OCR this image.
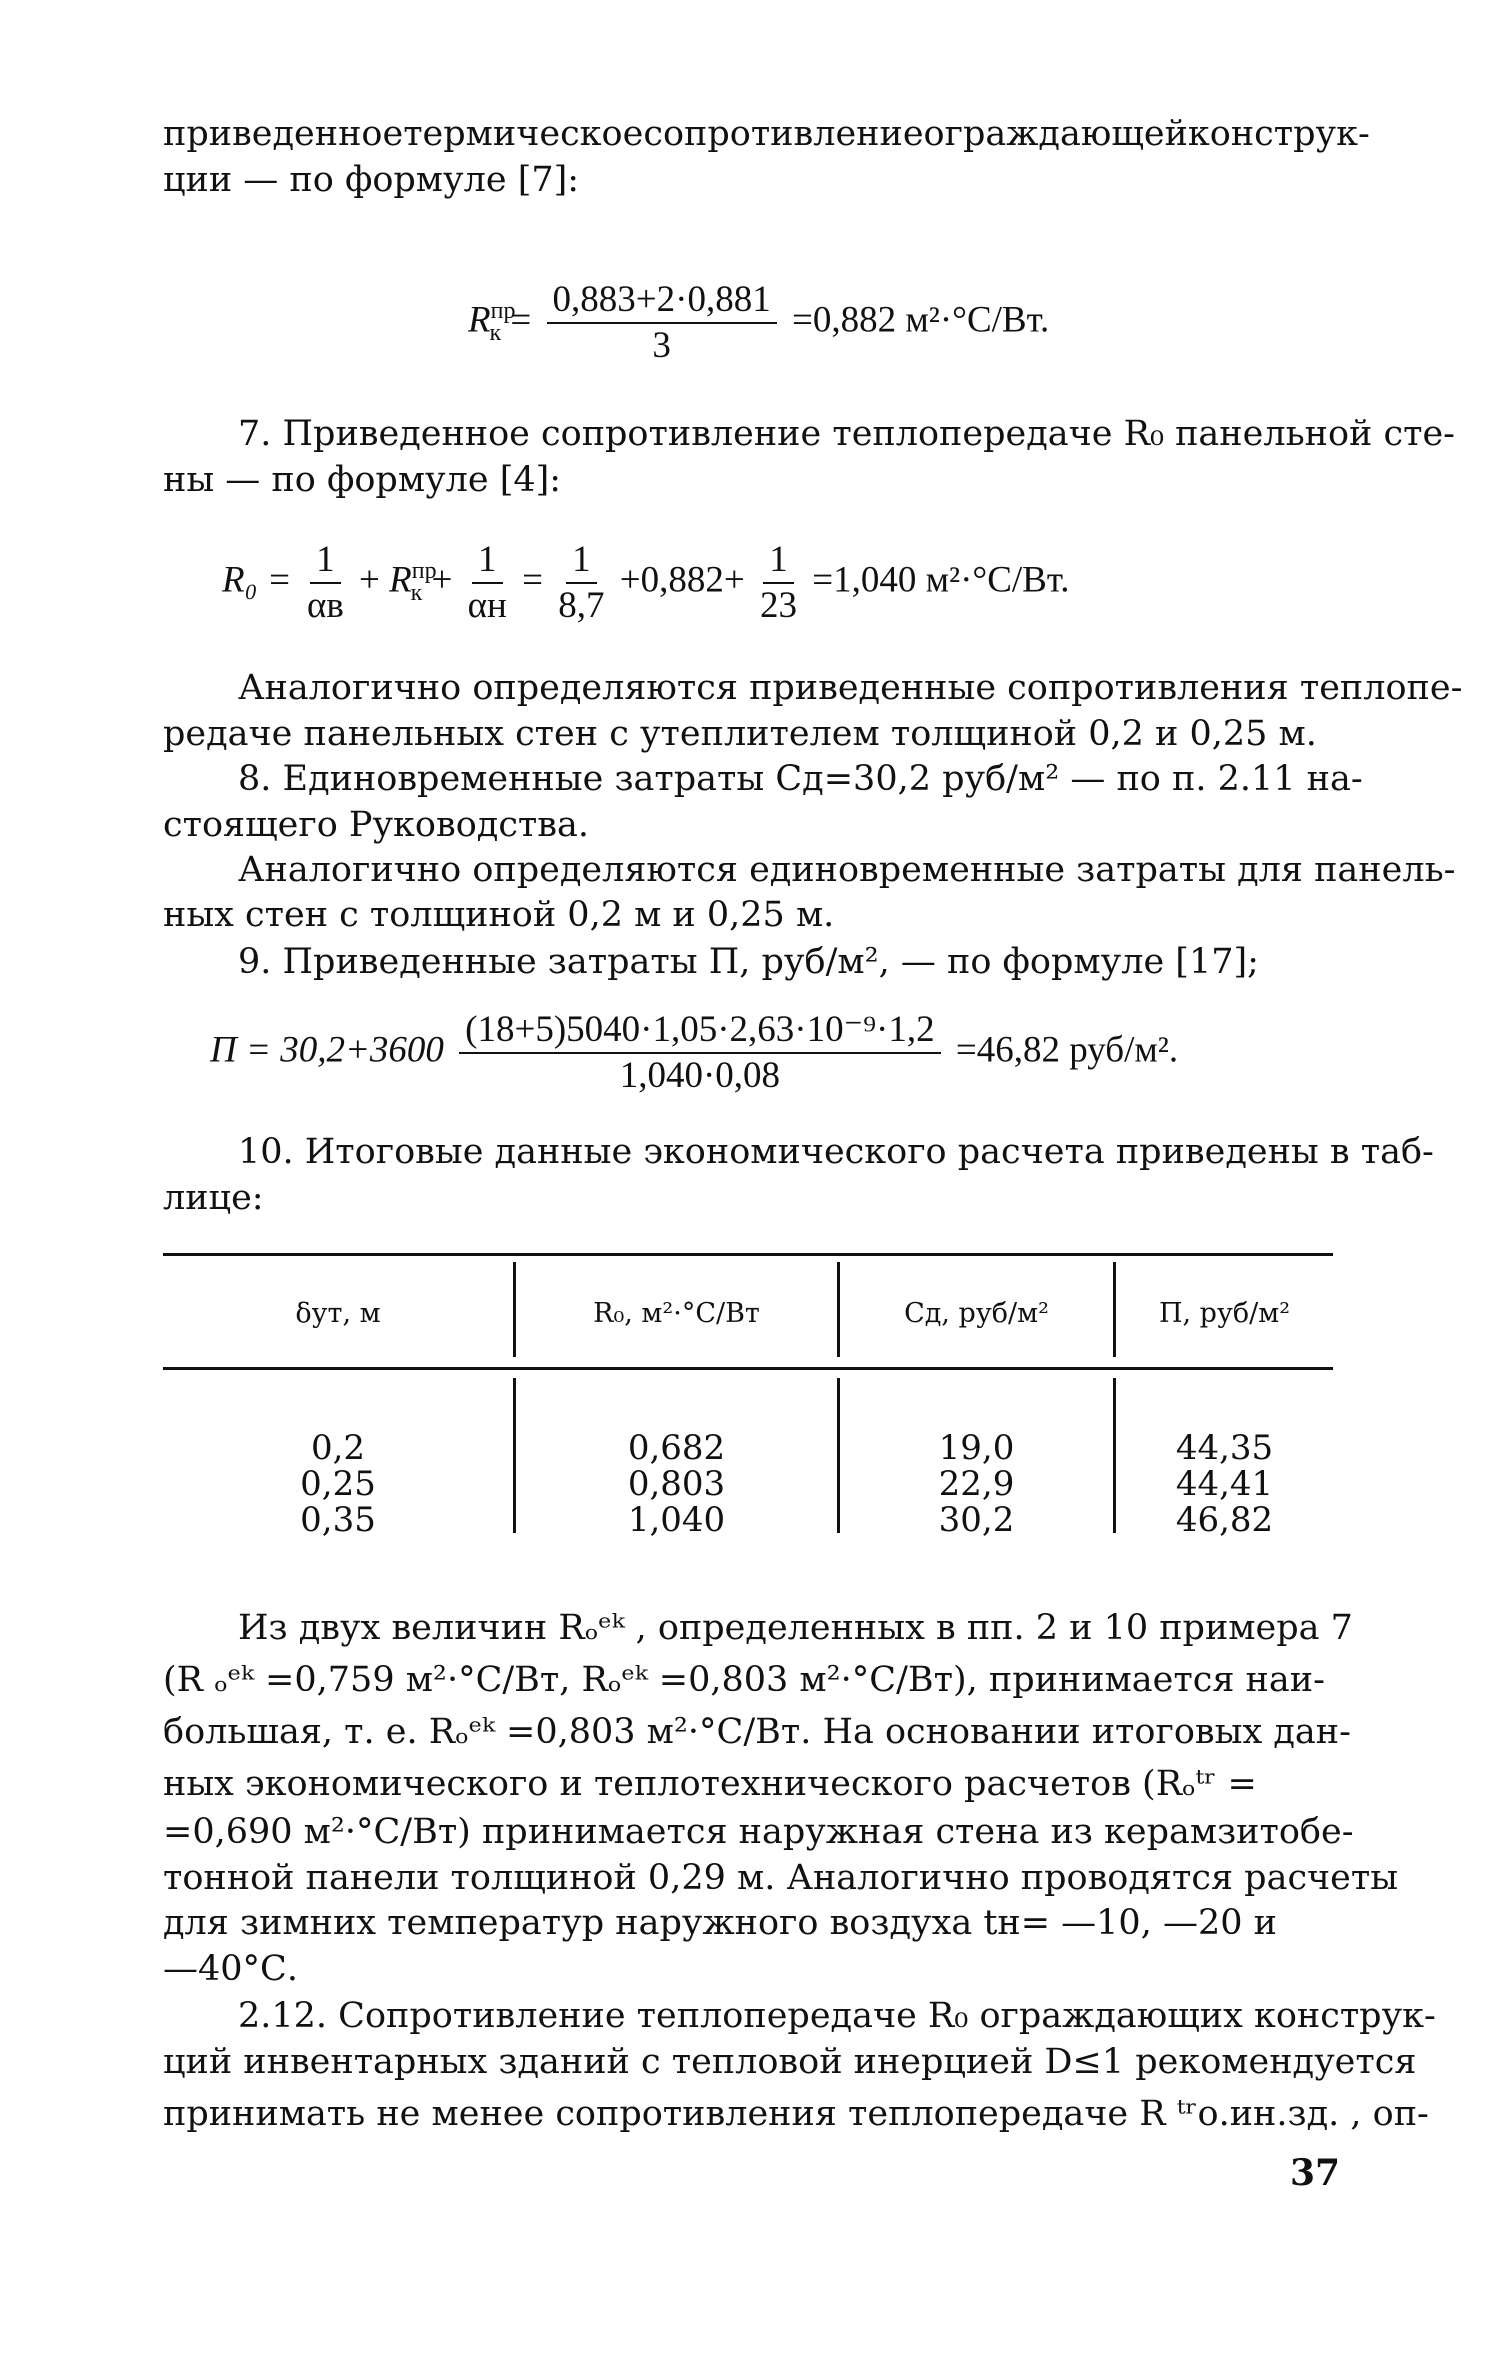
приведенное термическое сопротивление ограждающей конструк-
ции — по формуле [7]:
$R^{пр}_к = \frac{0,883+2\cdot 0,881}{3} =0,882$ м²·°С/Вт.
7. Приведенное сопротивление теплопередаче R₀ панельной сте-
ны — по формуле [4]:
$R_0 = \frac{1}{\alpha в} + R^{пр}_к + \frac{1}{\alpha н} = \frac{1}{8,7} +0,882+ \frac{1}{23} =1,040$ м²·°С/Вт.
Аналогично определяются приведенные сопротивления теплопе-
редаче панельных стен с утеплителем толщиной 0,2 и 0,25 м.
8. Единовременные затраты Cд=30,2 руб/м² — по п. 2.11 на-
стоящего Руководства.
Аналогично определяются единовременные затраты для панель-
ных стен с толщиной 0,2 м и 0,25 м.
9. Приведенные затраты П, руб/м², — по формуле [17];
$П = 30,2+3600 \frac{\text{(18+5)5040·1,05·2,63·10⁻⁹·1,2}}{1,040\cdot 0,08} =46,82$ руб/м².
10. Итоговые данные экономического расчета приведены в таб-
лице:
δут, м	R₀, м²·°С/Вт	Cд, руб/м²	П, руб/м²
0,2	0,682	19,0	44,35
0,25	0,803	22,9	44,41
0,35	1,040	30,2	46,82
Из двух величин Rₒᵉᵏ , определенных в пп. 2 и 10 примера 7
(R ₒᵉᵏ =0,759 м²·°С/Вт, Rₒᵉᵏ =0,803 м²·°С/Вт), принимается наи-
большая, т. е. Rₒᵉᵏ =0,803 м²·°С/Вт. На основании итоговых дан-
ных экономического и теплотехнического расчетов (Rₒᵗʳ =
=0,690 м²·°С/Вт) принимается наружная стена из керамзитобе-
тонной панели толщиной 0,29 м. Аналогично проводятся расчеты
для зимних температур наружного воздуха tн= —10, —20 и
—40°С.
2.12. Сопротивление теплопередаче R₀ ограждающих конструк-
ций инвентарных зданий с тепловой инерцией D≤1 рекомендуется
принимать не менее сопротивления теплопередаче R ᵗʳо.ин.зд. , оп-
37
